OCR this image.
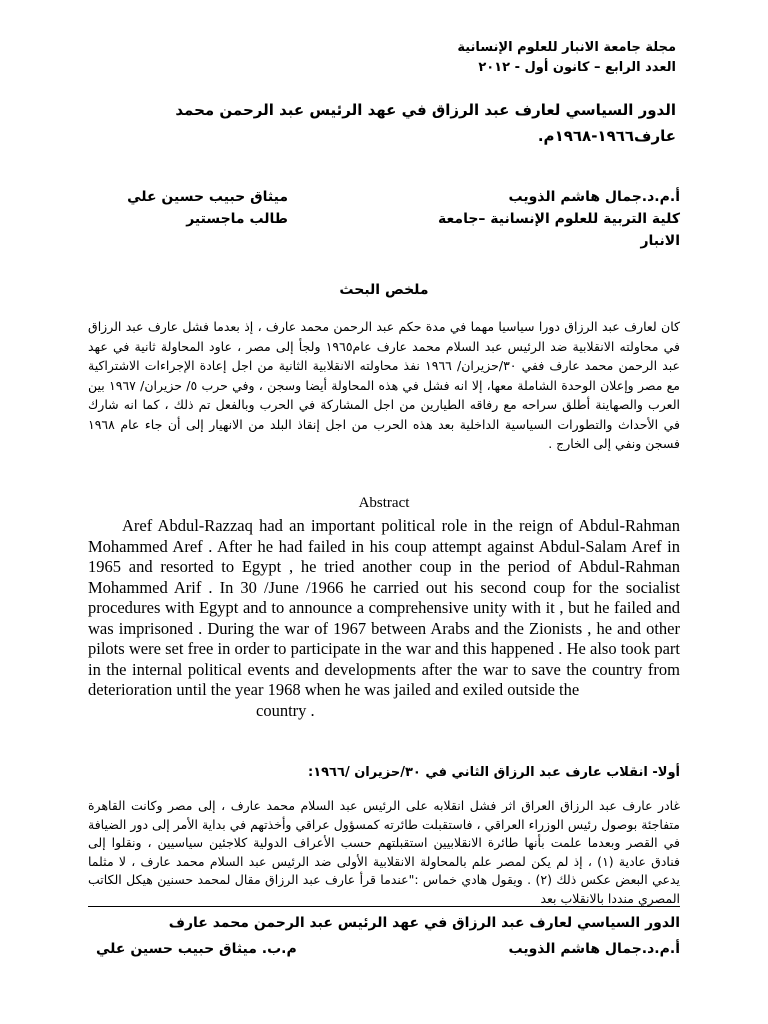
مجلة جامعة الانبار للعلوم الإنسانية
العدد الرابع – كانون أول - ٢٠١٢
الدور السياسي لعارف عبد الرزاق في عهد الرئيس عبد الرحمن محمد عارف١٩٦٦-١٩٦٨م.
أ.م.د.جمال هاشم الذويب
كلية التربية للعلوم الإنسانية –جامعة الانبار
ميثاق حبيب حسين علي
طالب ماجستير
ملخص البحث

كان لعارف عبد الرزاق دورا سياسيا مهما في مدة حكم عبد الرحمن محمد عارف ، إذ بعدما فشل عارف عبد الرزاق في محاولته الانقلابية ضد الرئيس عبد السلام محمد عارف عام١٩٦٥ ولجأ إلى مصر ، عاود المحاولة ثانية في عهد عبد الرحمن محمد عارف ففي ٣٠/حزيران/ ١٩٦٦ نفذ محاولته الانقلابية الثانية من اجل إعادة الإجراءات الاشتراكية مع مصر وإعلان الوحدة الشاملة معها، إلا انه فشل في هذه المحاولة أيضا وسجن ، وفي حرب ٥/ حزيران/ ١٩٦٧ بين العرب والصهاينة أطلق سراحه مع رفاقه الطيارين من اجل المشاركة في الحرب وبالفعل تم ذلك ، كما انه شارك في الأحداث والتطورات السياسية الداخلية بعد هذه الحرب من اجل إنقاذ البلد من الانهيار إلى أن جاء عام ١٩٦٨ فسجن ونفي إلى الخارج .

Abstract

Aref Abdul-Razzaq had an important political role in the reign of Abdul-Rahman Mohammed Aref . After he had failed in his coup attempt against Abdul-Salam Aref in 1965 and resorted to Egypt , he tried another coup in the period of Abdul-Rahman Mohammed Arif . In 30 /June /1966 he carried out his second coup for the socialist procedures with Egypt and to announce a comprehensive unity with it , but he failed and was imprisoned . During the war of 1967 between Arabs and the Zionists , he and other pilots were set free in order to participate in the war and this happened . He also took part in the internal political events and developments after the war to save the country from deterioration until the year 1968 when he was jailed and exiled outside the

country .

أولا- انقلاب عارف عبد الرزاق الثاني في ٣٠/حزيران /١٩٦٦:

غادر عارف عبد الرزاق العراق اثر فشل انقلابه على الرئيس عبد السلام محمد عارف ، إلى مصر وكانت القاهرة متفاجئة بوصول رئيس الوزراء العراقي ، فاستقبلت طائرته كمسؤول عراقي وأخذتهم في بداية الأمر إلى دور الضيافة في القصر وبعدما علمت بأنها طائرة الانقلابيين استقبلتهم حسب الأعراف الدولية كلاجئين سياسيين ، ونقلوا إلى فنادق عادية (١) ، إذ لم يكن لمصر علم بالمحاولة الانقلابية الأولى ضد الرئيس عبد السلام محمد عارف ، لا مثلما يدعي البعض عكس ذلك (٢) . ويقول هادي خماس :"عندما قرأ عارف عبد الرزاق مقال لمحمد حسنين هيكل الكاتب المصري منددا بالانقلاب بعد

الدور السياسي لعارف عبد الرزاق في عهد الرئيس عبد الرحمن محمد عارف
أ.م.د.جمال هاشم الذويب
م.ب. ميثاق حبيب حسين علي
